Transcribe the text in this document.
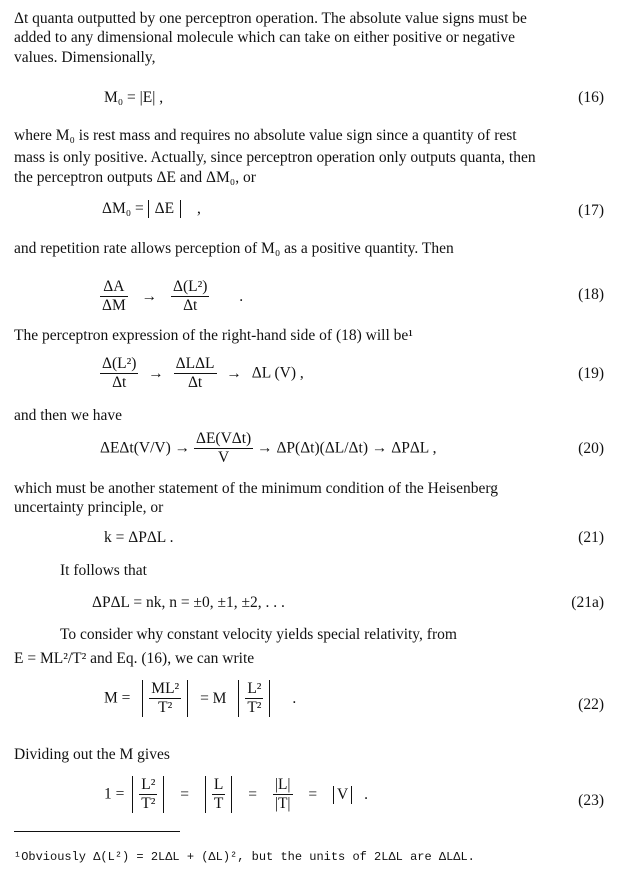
Δt quanta outputted by one perceptron operation. The absolute value signs must be
added to any dimensional molecule which can take on either positive or negative
values. Dimensionally,
M₀ = |E| ,	(16)
where M₀ is rest mass and requires no absolute value sign since a quantity of rest
mass is only positive. Actually, since perceptron operation only outputs quanta, then
the perceptron outputs ΔE and ΔM₀, or
ΔM₀ = ΔE ,	(17)
and repetition rate allows perception of M₀ as a positive quantity. Then
$\frac{\Delta A}{\Delta M} \to \frac{\text{Δ(L²)}}{\Delta t}$ .	(18)
The perceptron expression of the right-hand side of (18) will be¹
$\frac{\text{Δ(L²)}}{\Delta t} \to \frac{\text{ΔLΔL}}{\Delta t} \to \Delta L$ (V) ,	(19)
and then we have
$\Delta E\Delta t(V/V) \to \frac{\text{ΔE(VΔt)}}{V} \to \Delta P(\Delta t)(\Delta L/\Delta t) \to \Delta P\Delta L$ ,	(20)
which must be another statement of the minimum condition of the Heisenberg
uncertainty principle, or
k = ΔPΔL .	(21)
It follows that
ΔPΔL = nk, n = ±0, ±1, ±2, . . .	(21a)
To consider why constant velocity yields special relativity, from
E = ML²/T² and Eq. (16), we can write
$M = \frac{\text{ML²}}{\text{T²}} = M \frac{\text{L²}}{\text{T²}}$ .	(22)
Dividing out the M gives
$1 = \frac{\text{L²}}{\text{T²}} = \frac{L}{T} = \frac{|L|}{|T|} = V$ .	(23)
¹Obviously Δ(L²) = 2LΔL + (ΔL)², but the units of 2LΔL are ΔLΔL.
